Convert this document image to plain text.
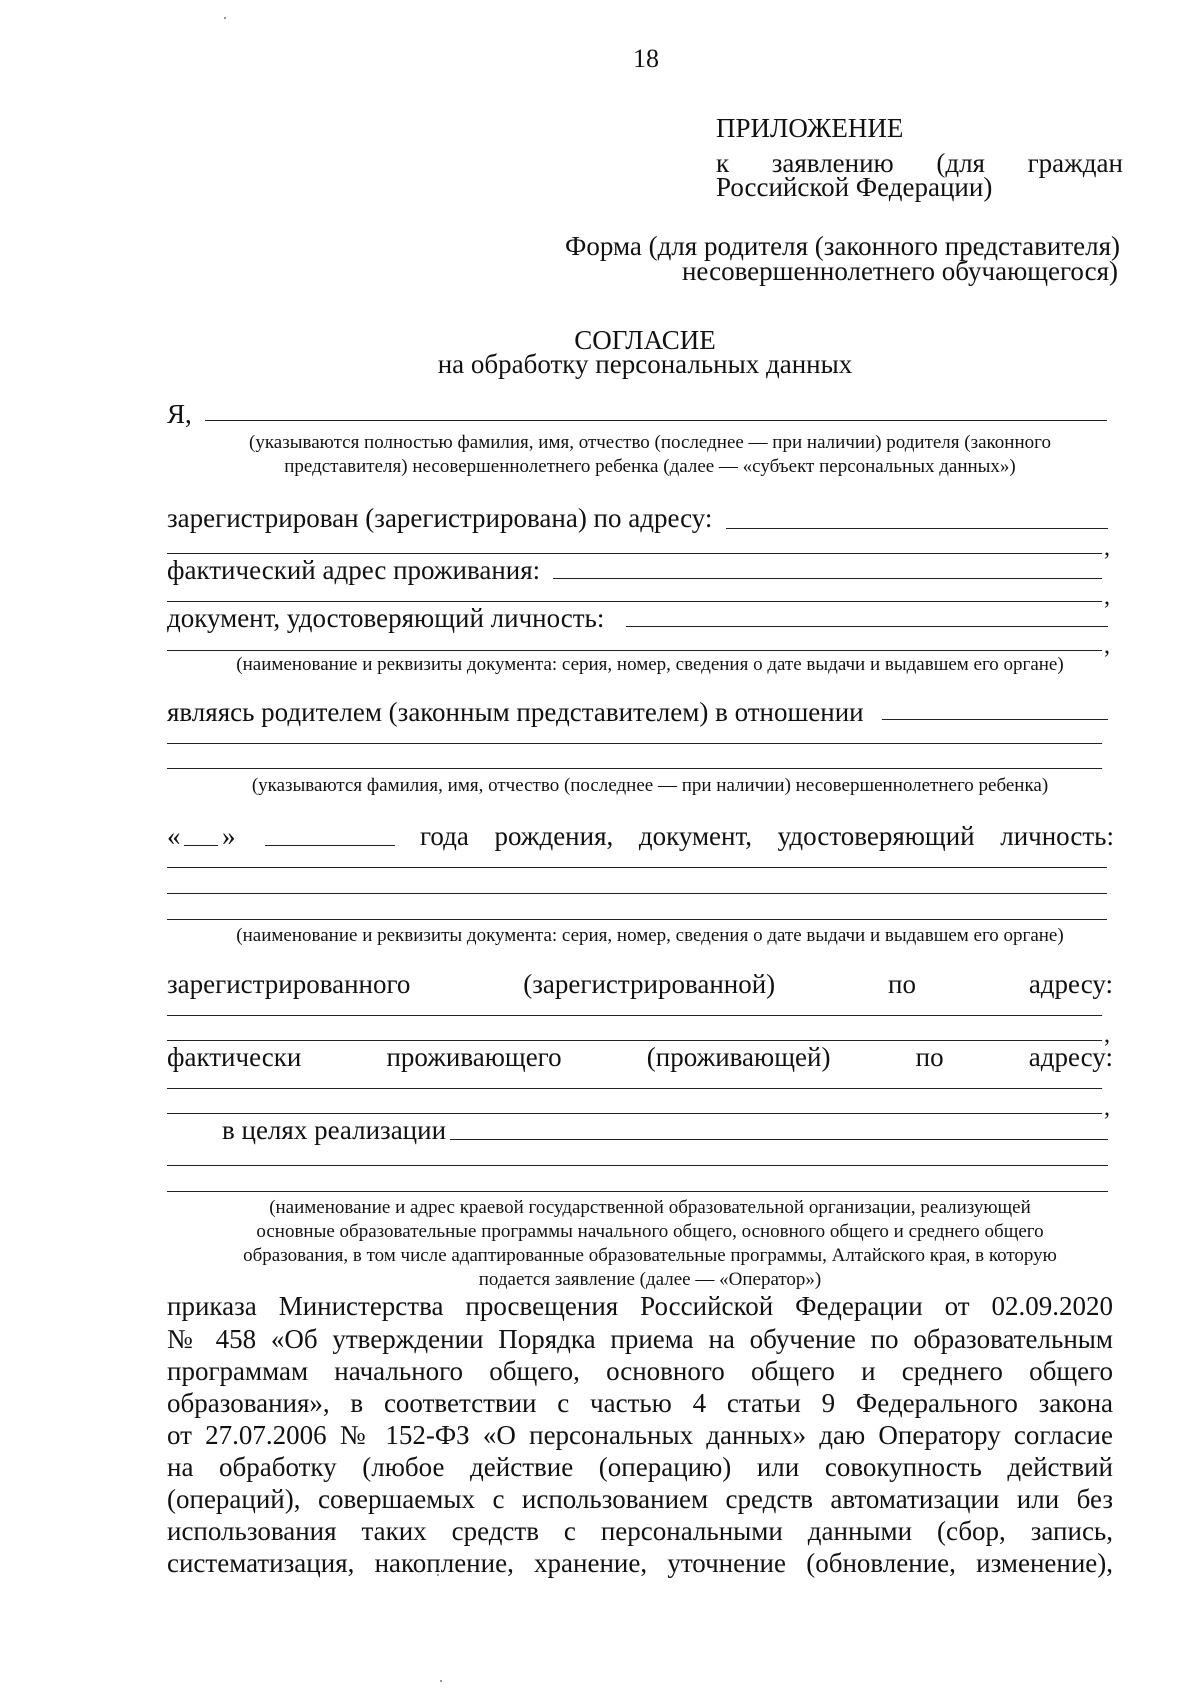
18
ПРИЛОЖЕНИЕ
к заявлению (для граждан
Российской Федерации)
Форма (для родителя (законного представителя)
несовершеннолетнего обучающегося)
СОГЛАСИЕ
на обработку персональных данных
Я,
(указываются полностью фамилия, имя, отчество (последнее — при наличии) родителя (законного
представителя) несовершеннолетнего ребенка (далее — «субъект персональных данных»)
зарегистрирован (зарегистрирована) по адресу:
,
фактический адрес проживания:
,
документ, удостоверяющий личность:
,
(наименование и реквизиты документа: серия, номер, сведения о дате выдачи и выдавшем его органе)
являясь родителем (законным представителем) в отношении
(указываются фамилия, имя, отчество (последнее — при наличии) несовершеннолетнего ребенка)
« »	года рождения, документ, удостоверяющий личность:
(наименование и реквизиты документа: серия, номер, сведения о дате выдачи и выдавшем его органе)
зарегистрированного	(зарегистрированной)	по	адресу:
,
фактически	проживающего	(проживающей)	по	адресу:
,
в целях реализации
(наименование и адрес краевой государственной образовательной организации, реализующей
основные образовательные программы начального общего, основного общего и среднего общего
образования, в том числе адаптированные образовательные программы, Алтайского края, в которую
подается заявление (далее — «Оператор»)
приказа Министерства просвещения Российской Федерации от 02.09.2020
№ 458 «Об утверждении Порядка приема на обучение по образовательным
программам начального общего, основного общего и среднего общего
образования», в соответствии с частью 4 статьи 9 Федерального закона
от 27.07.2006 № 152-ФЗ «О персональных данных» даю Оператору согласие
на обработку (любое действие (операцию) или совокупность действий
(операций), совершаемых с использованием средств автоматизации или без
использования таких средств с персональными данными (сбор, запись,
систематизация, накопление, хранение, уточнение (обновление, изменение),
